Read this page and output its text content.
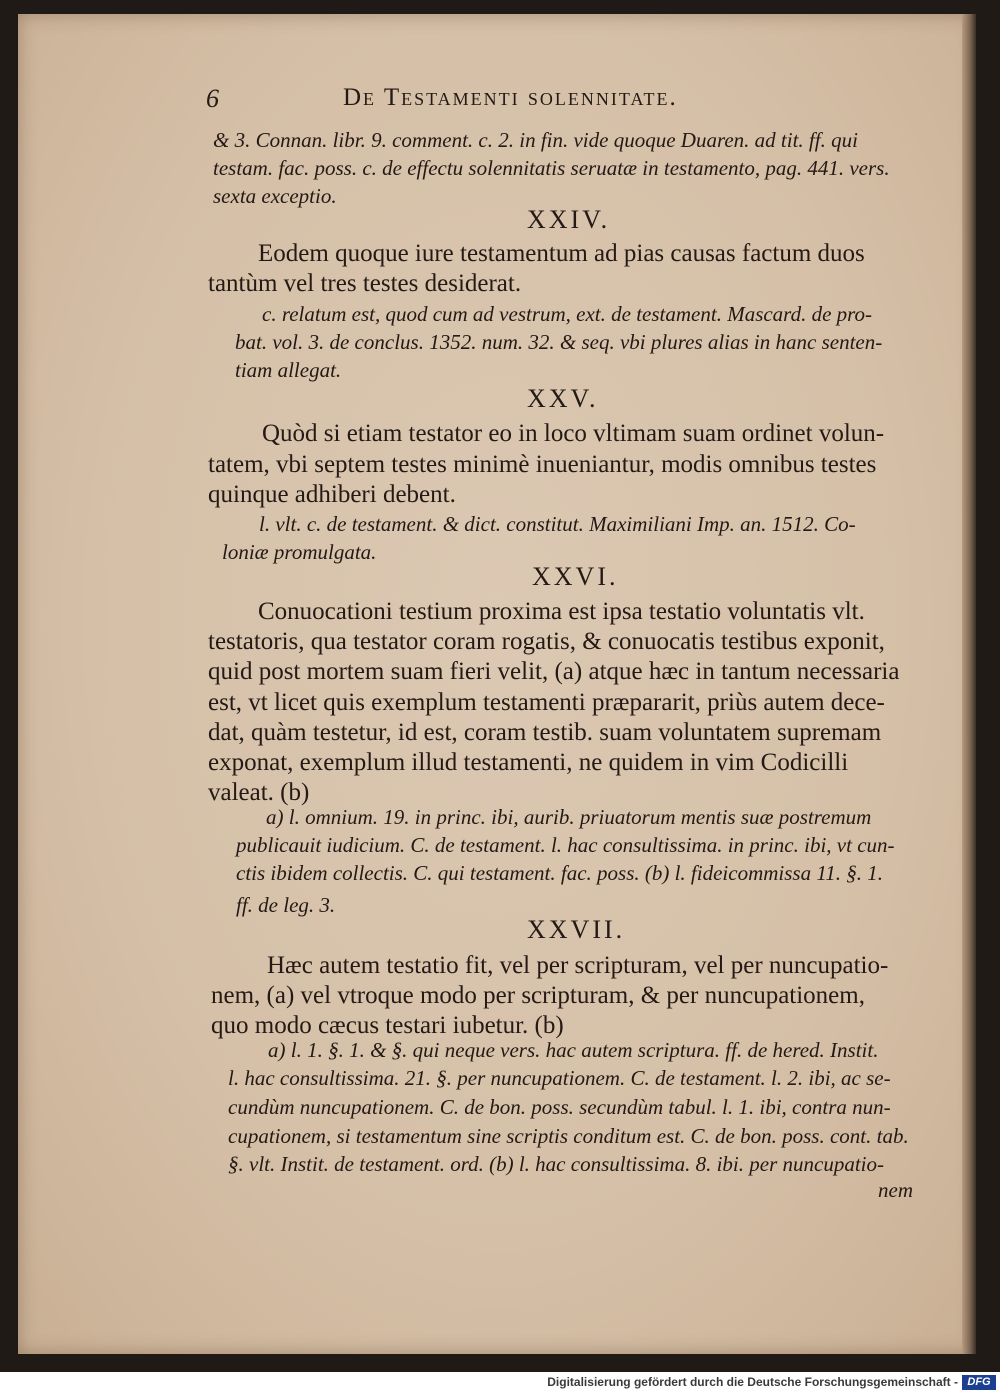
6	De Testamenti solennitate.
& 3. Connan. libr. 9. comment. c. 2. in fin. vide quoque Duaren. ad tit. ff. qui
testam. fac. poss. c. de effectu solennitatis seruatæ in testamento, pag. 441. vers.
sexta exceptio.
XXIV.
Eodem quoque iure testamentum ad pias causas factum duos
tantùm vel tres testes desiderat.
c. relatum est, quod cum ad vestrum, ext. de testament. Mascard. de pro-
bat. vol. 3. de conclus. 1352. num. 32. & seq. vbi plures alias in hanc senten-
tiam allegat.
XXV.
Quòd si etiam testator eo in loco vltimam suam ordinet volun-
tatem, vbi septem testes minimè inueniantur, modis omnibus testes
quinque adhiberi debent.
l. vlt. c. de testament. & dict. constitut. Maximiliani Imp. an. 1512. Co-
loniæ promulgata.
XXVI.
Conuocationi testium proxima est ipsa testatio voluntatis vlt.
testatoris, qua testator coram rogatis, & conuocatis testibus exponit,
quid post mortem suam fieri velit, (a) atque hæc in tantum necessaria
est, vt licet quis exemplum testamenti præpararit, priùs autem dece-
dat, quàm testetur, id est, coram testib. suam voluntatem supremam
exponat, exemplum illud testamenti, ne quidem in vim Codicilli
valeat. (b)
a) l. omnium. 19. in princ. ibi, aurib. priuatorum mentis suæ postremum
publicauit iudicium. C. de testament. l. hac consultissima. in princ. ibi, vt cun-
ctis ibidem collectis. C. qui testament. fac. poss. (b) l. fideicommissa 11. §. 1.
ff. de leg. 3.
XXVII.
Hæc autem testatio fit, vel per scripturam, vel per nuncupatio-
nem, (a) vel vtroque modo per scripturam, & per nuncupationem,
quo modo cæcus testari iubetur. (b)
a) l. 1. §. 1. & §. qui neque vers. hac autem scriptura. ff. de hered. Instit.
l. hac consultissima. 21. §. per nuncupationem. C. de testament. l. 2. ibi, ac se-
cundùm nuncupationem. C. de bon. poss. secundùm tabul. l. 1. ibi, contra nun-
cupationem, si testamentum sine scriptis conditum est. C. de bon. poss. cont. tab.
§. vlt. Instit. de testament. ord. (b) l. hac consultissima. 8. ibi. per nuncupatio-
nem
Digitalisierung gefördert durch die Deutsche Forschungsgemeinschaft - DFG
